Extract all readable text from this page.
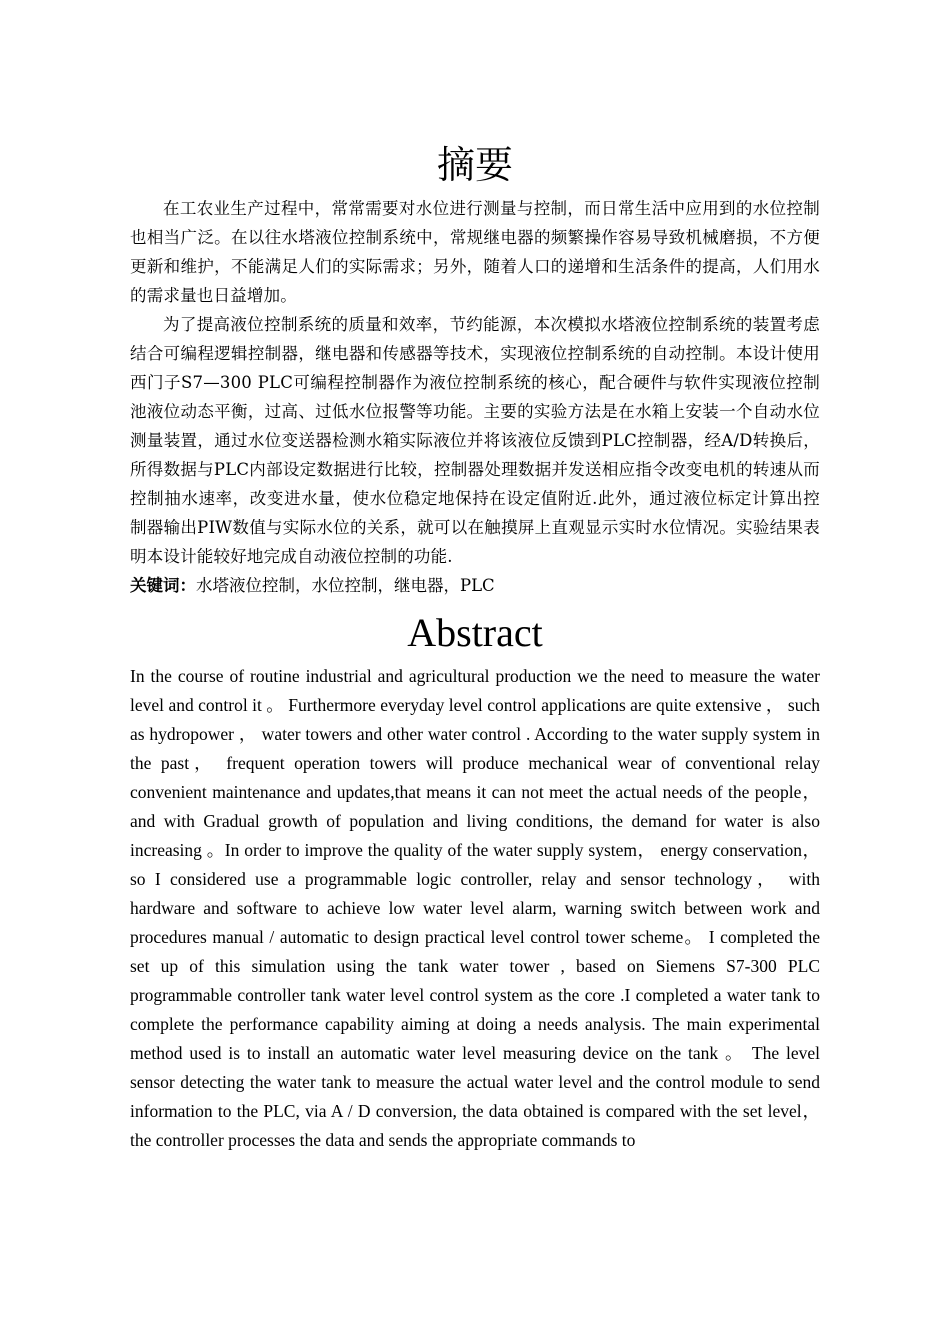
摘要

在工农业生产过程中，常常需要对水位进行测量与控制，而日常生活中应用到的水位控制也相当广泛。在以往水塔液位控制系统中，常规继电器的频繁操作容易导致机械磨损，不方便更新和维护，不能满足人们的实际需求；另外，随着人口的递增和生活条件的提高，人们用水的需求量也日益增加。

为了提高液位控制系统的质量和效率，节约能源，本次模拟水塔液位控制系统的装置考虑结合可编程逻辑控制器，继电器和传感器等技术，实现液位控制系统的自动控制。本设计使用西门子S7—300 PLC可编程控制器作为液位控制系统的核心，配合硬件与软件实现液位控制池液位动态平衡，过高、过低水位报警等功能。主要的实验方法是在水箱上安装一个自动水位测量装置，通过水位变送器检测水箱实际液位并将该液位反馈到PLC控制器，经A/D转换后，所得数据与PLC内部设定数据进行比较，控制器处理数据并发送相应指令改变电机的转速从而控制抽水速率，改变进水量，使水位稳定地保持在设定值附近.此外，通过液位标定计算出控制器输出PIW数值与实际水位的关系，就可以在触摸屏上直观显示实时水位情况。实验结果表明本设计能较好地完成自动液位控制的功能.

关键词：水塔液位控制，水位控制，继电器，PLC

Abstract

In the course of routine industrial and agricultural production we the need to measure the water level and control it 。 Furthermore everyday level control applications are quite extensive ， such as hydropower ， water towers and other water control . According to the water supply system in the past， frequent operation towers will produce mechanical wear of conventional relay convenient maintenance and updates,that means it can not meet the actual needs of the people， and with Gradual growth of population and living conditions, the demand for water is also increasing 。In order to improve the quality of the water supply system， energy conservation， so I considered use a programmable logic controller, relay and sensor technology， with hardware and software to achieve low water level alarm, warning switch between work and procedures manual / automatic to design practical level control tower scheme。 I completed the set up of this simulation using the tank water tower , based on Siemens S7-300 PLC programmable controller tank water level control system as the core .I completed a water tank to complete the performance capability aiming at doing a needs analysis. The main experimental method used is to install an automatic water level measuring device on the tank 。 The level sensor detecting the water tank to measure the actual water level and the control module to send information to the PLC, via A / D conversion, the data obtained is compared with the set level， the controller processes the data and sends the appropriate commands to
